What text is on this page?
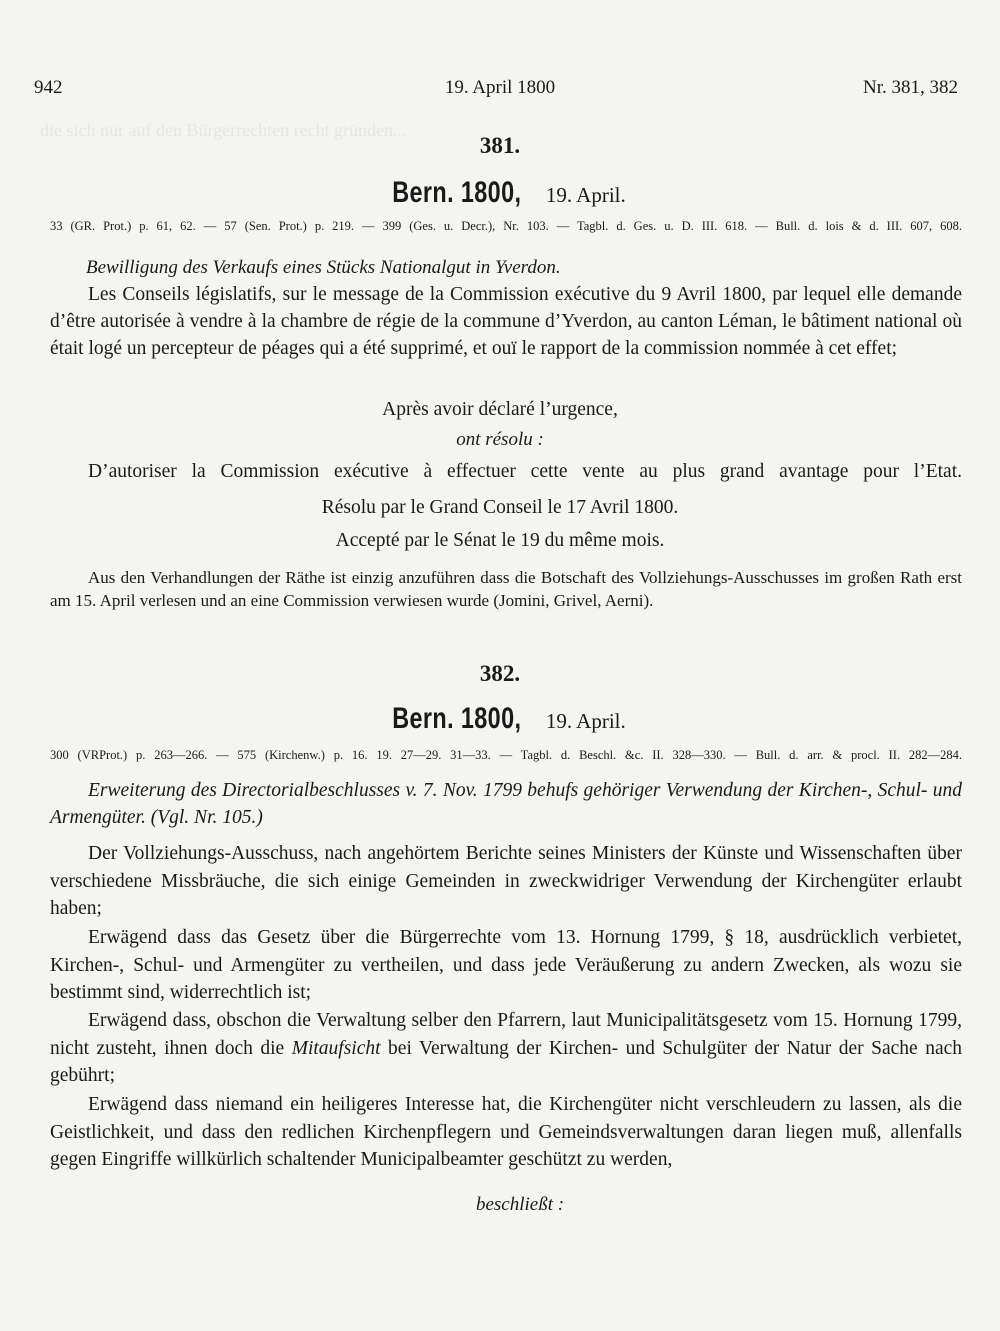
die sich nur auf den Bürgerrechten recht gründen...
942	19. April 1800	Nr. 381, 382
381.
Bern. 1800, 19. April.
33 (GR. Prot.) p. 61, 62. — 57 (Sen. Prot.) p. 219. — 399 (Ges. u. Decr.), Nr. 103. — Tagbl. d. Ges. u. D. III. 618. — Bull. d. lois & d. III. 607, 608.
Bewilligung des Verkaufs eines Stücks Nationalgut in Yverdon.
Les Conseils législatifs, sur le message de la Commission exécutive du 9 Avril 1800, par lequel elle demande d’être autorisée à vendre à la chambre de régie de la commune d’Yverdon, au canton Léman, le bâtiment national où était logé un percepteur de péages qui a été supprimé, et ouï le rapport de la commission nommée à cet effet;
Après avoir déclaré l’urgence,
ont résolu :
D’autoriser la Commission exécutive à effectuer cette vente au plus grand avantage pour l’Etat.
Résolu par le Grand Conseil le 17 Avril 1800.
Accepté par le Sénat le 19 du même mois.
Aus den Verhandlungen der Räthe ist einzig anzuführen dass die Botschaft des Vollziehungs-Ausschusses im großen Rath erst am 15. April verlesen und an eine Commission verwiesen wurde (Jomini, Grivel, Aerni).
382.
Bern. 1800, 19. April.
300 (VRProt.) p. 263—266. — 575 (Kirchenw.) p. 16. 19. 27—29. 31—33. — Tagbl. d. Beschl. &c. II. 328—330. — Bull. d. arr. & procl. II. 282—284.
Erweiterung des Directorialbeschlusses v. 7. Nov. 1799 behufs gehöriger Verwendung der Kirchen-, Schul- und Armengüter. (Vgl. Nr. 105.)
Der Vollziehungs-Ausschuss, nach angehörtem Berichte seines Ministers der Künste und Wissenschaften über verschiedene Missbräuche, die sich einige Gemeinden in zweckwidriger Verwendung der Kirchengüter erlaubt haben;
Erwägend dass das Gesetz über die Bürgerrechte vom 13. Hornung 1799, § 18, ausdrücklich verbietet, Kirchen-, Schul- und Armengüter zu vertheilen, und dass jede Veräußerung zu andern Zwecken, als wozu sie bestimmt sind, widerrechtlich ist;
Erwägend dass, obschon die Verwaltung selber den Pfarrern, laut Municipalitätsgesetz vom 15. Hornung 1799, nicht zusteht, ihnen doch die Mitaufsicht bei Verwaltung der Kirchen- und Schulgüter der Natur der Sache nach gebührt;
Erwägend dass niemand ein heiligeres Interesse hat, die Kirchengüter nicht verschleudern zu lassen, als die Geistlichkeit, und dass den redlichen Kirchenpflegern und Gemeindsverwaltungen daran liegen muß, allenfalls gegen Eingriffe willkürlich schaltender Municipalbeamter geschützt zu werden,
beschließt :
